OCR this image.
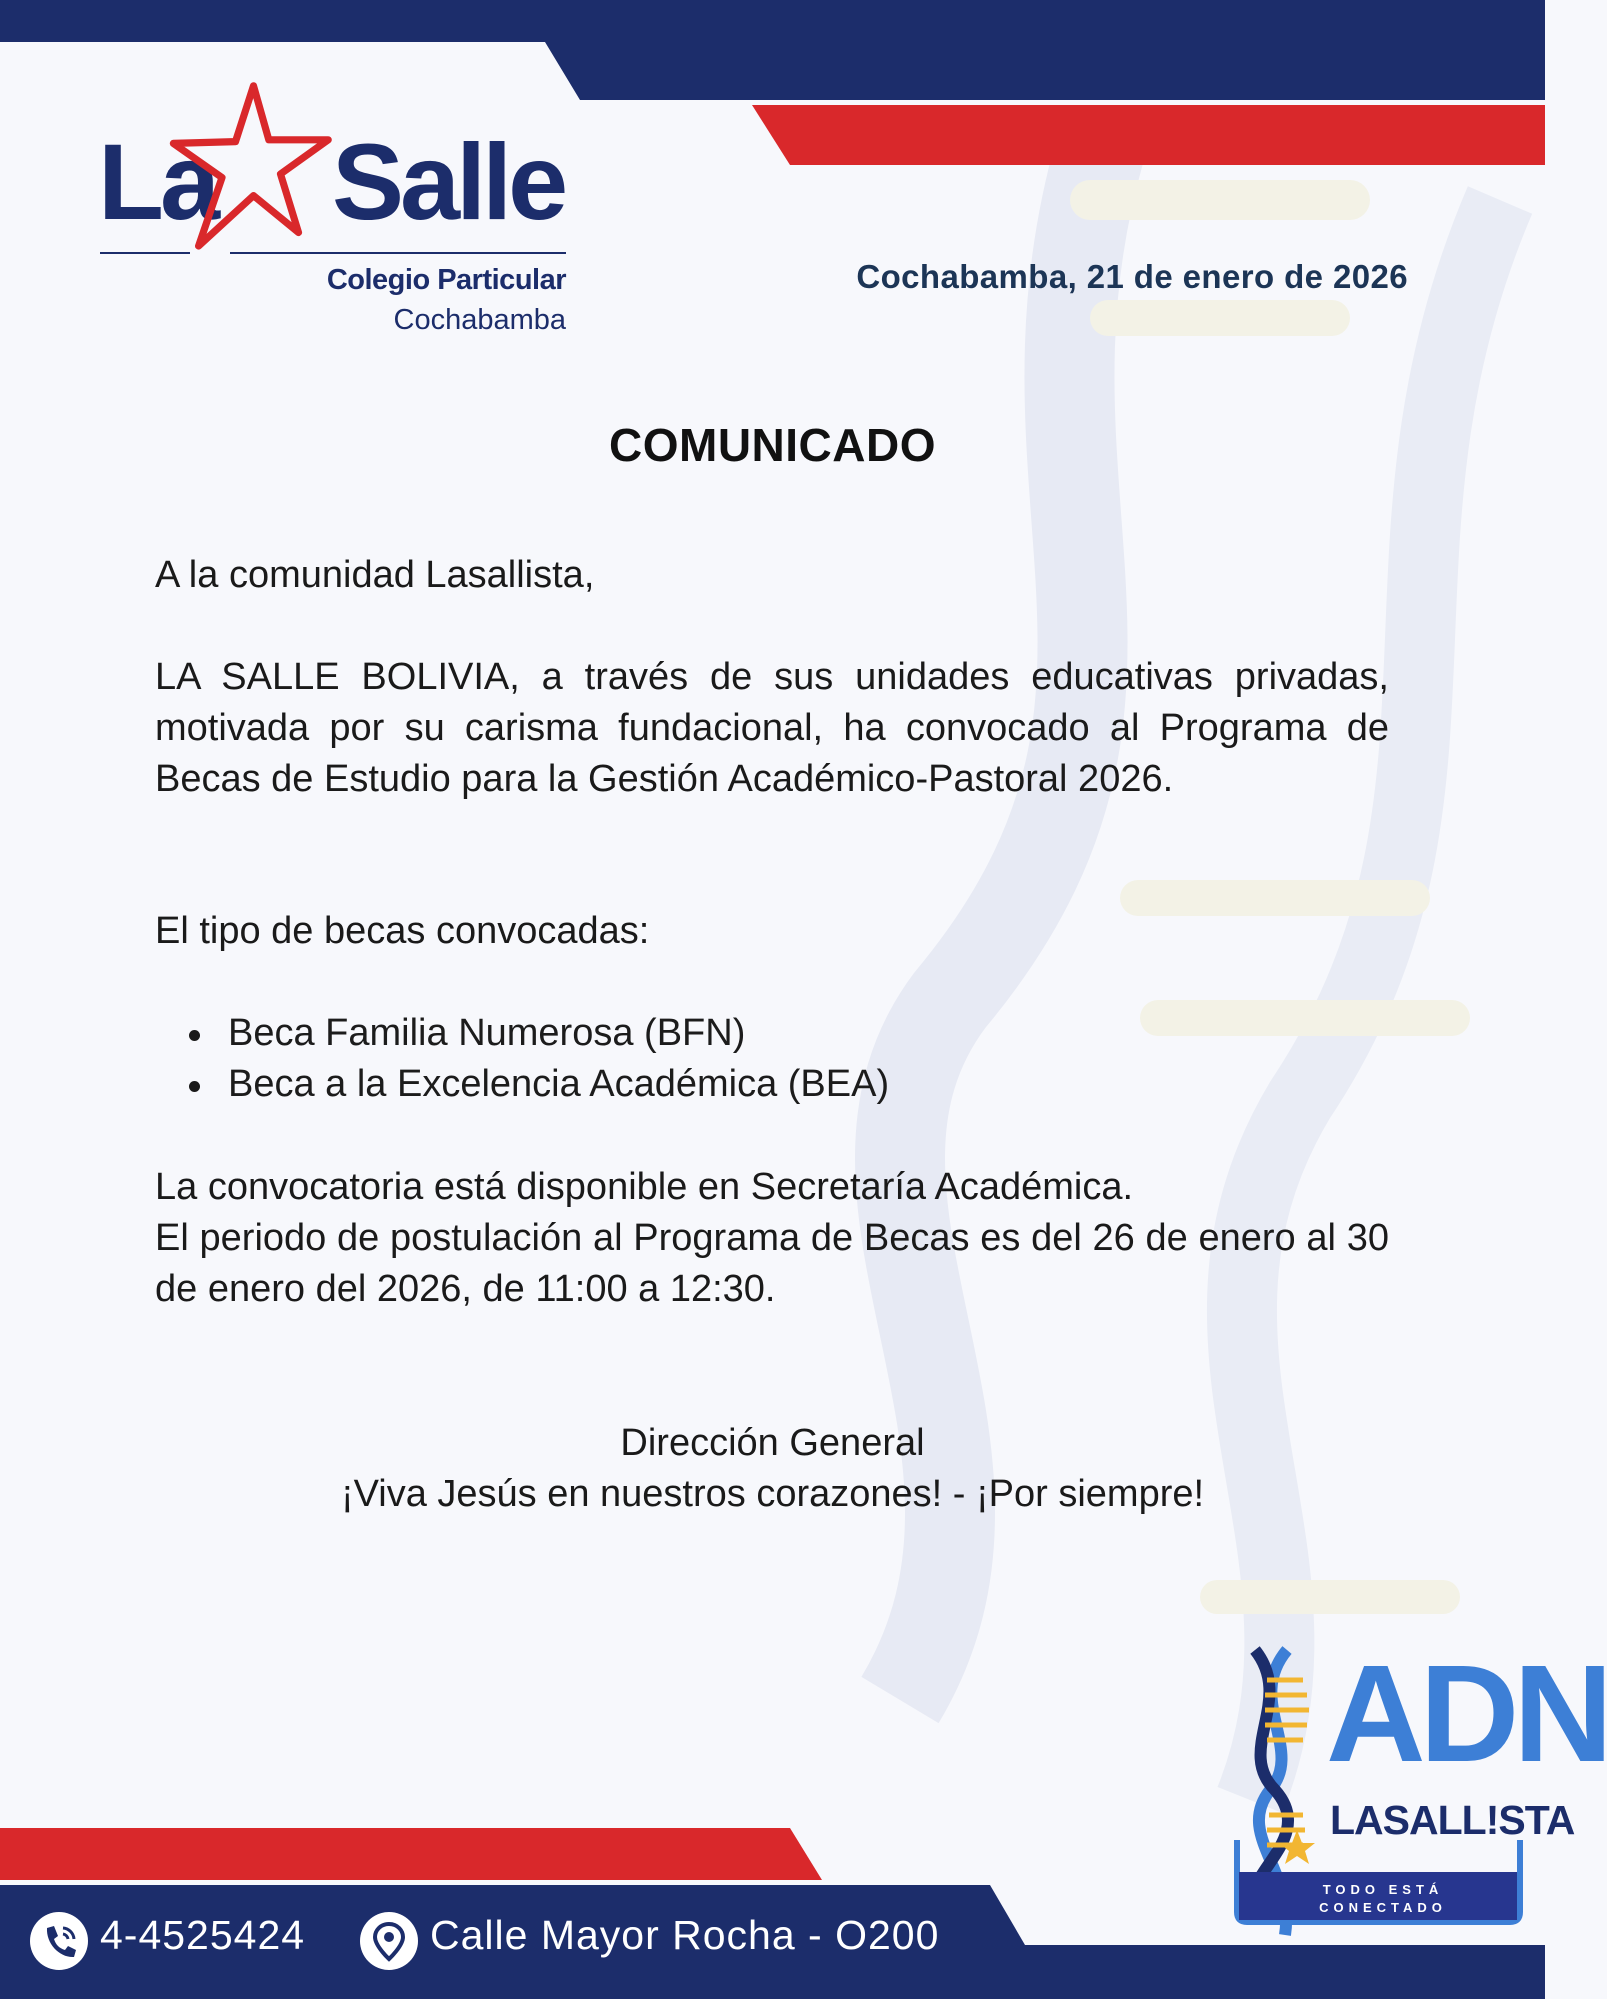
La Salle
Colegio Particular
Cochabamba
Cochabamba, 21 de enero de 2026
COMUNICADO
A la comunidad Lasallista,
LA SALLE BOLIVIA, a través de sus unidades educativas privadas, motivada por su carisma fundacional, ha convocado al Programa de Becas de Estudio para la Gestión Académico-Pastoral 2026.
El tipo de becas convocadas:
Beca Familia Numerosa (BFN)
Beca a la Excelencia Académica (BEA)
La convocatoria está disponible en Secretaría Académica.
El periodo de postulación al Programa de Becas es del 26 de enero al 30 de enero del 2026, de 11:00 a 12:30.
Dirección General
¡Viva Jesús en nuestros corazones! - ¡Por siempre!
ADN
LASALL!STA
TODO ESTÁ
CONECTADO
4-4525424	Calle Mayor Rocha - O200
